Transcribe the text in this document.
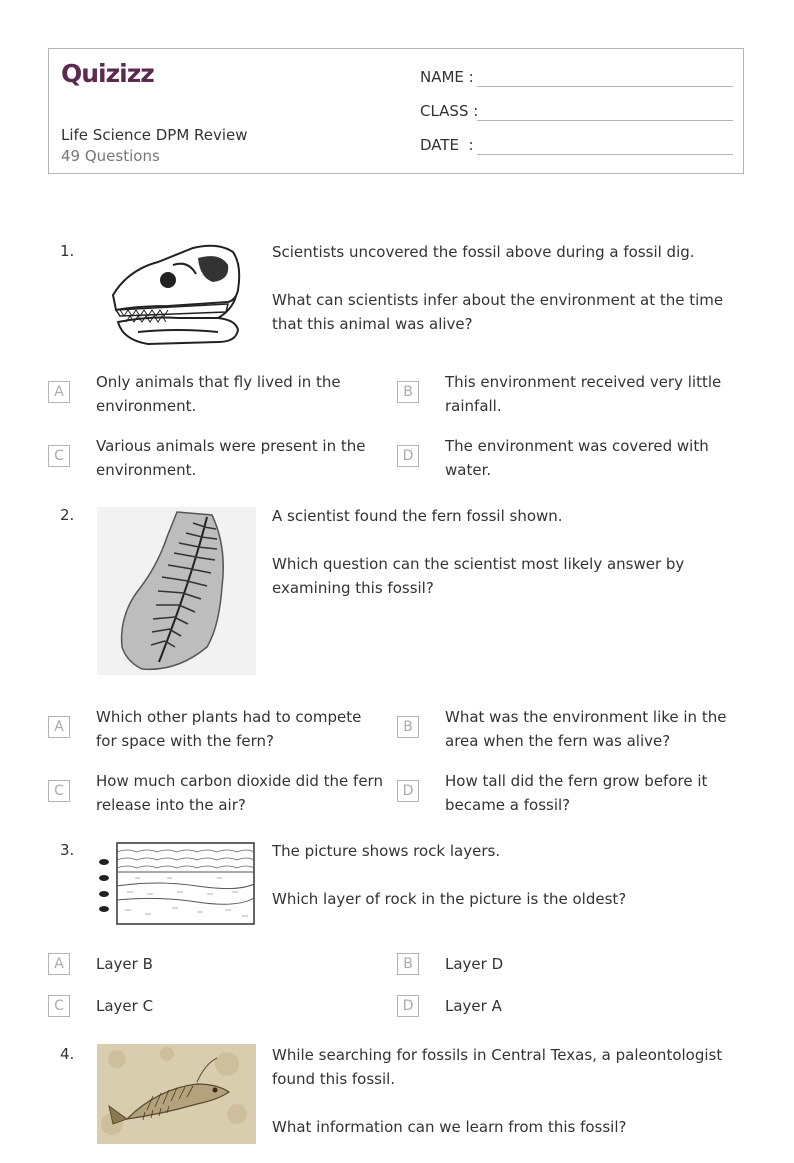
Quizizz
Life Science DPM Review
49 Questions
NAME :
CLASS :
DATE  :
1.	Scientists uncovered the fossil above during a fossil dig.

What can scientists infer about the environment at the time that this animal was alive?

A
Only animals that fly lived in the environment.
B
This environment received very little rainfall.
C
Various animals were present in the environment.
D
The environment was covered with water.
2.	A scientist found the fern fossil shown.

Which question can the scientist most likely answer by examining this fossil?

A
Which other plants had to compete for space with the fern?
B
What was the environment like in the area when the fern was alive?
C
How much carbon dioxide did the fern release into the air?
D
How tall did the fern grow before it became a fossil?
3.	The picture shows rock layers.

Which layer of rock in the picture is the oldest?

A	Layer B	B	Layer D
C	Layer C	D	Layer A
4.	While searching for fossils in Central Texas, a paleontologist found this fossil.

What information can we learn from this fossil?
